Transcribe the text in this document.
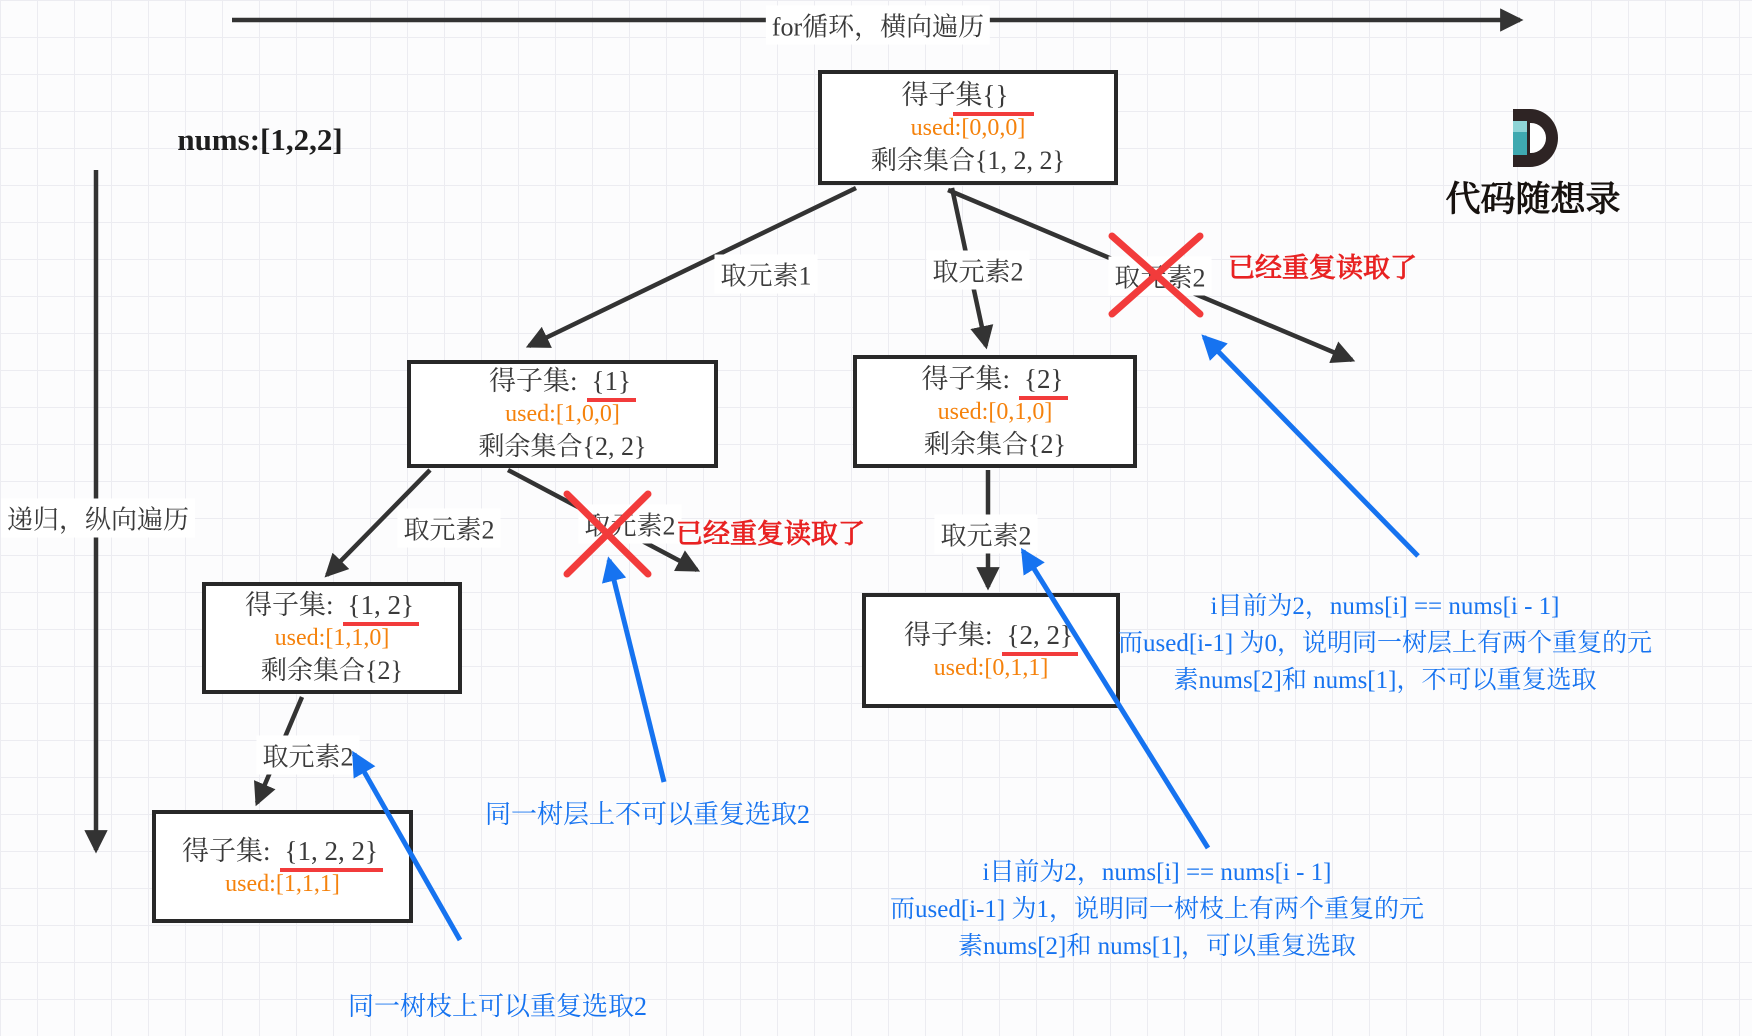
for循环，横向遍历
递归，纵向遍历
nums:[1,2,2]
代码随想录
得子集{}
used:[0,0,0]
剩余集合{1, 2, 2}
得子集: {1}
used:[1,0,0]
剩余集合{2, 2}
得子集: {2}
used:[0,1,0]
剩余集合{2}
得子集: {1, 2}
used:[1,1,0]
剩余集合{2}
得子集: {2, 2}
used:[0,1,1]
得子集: {1, 2, 2}
used:[1,1,1]
取元素1	取元素2	取元素2
取元素2	取元素2	取元素2
取元素2
已经重复读取了
已经重复读取了
同一树层上不可以重复选取2
同一树枝上可以重复选取2
i目前为2，nums[i] == nums[i - 1]
而used[i-1] 为0，说明同一树层上有两个重复的元
素nums[2]和 nums[1]，不可以重复选取
i目前为2，nums[i] == nums[i - 1]
而used[i-1] 为1，说明同一树枝上有两个重复的元
素nums[2]和 nums[1]，可以重复选取
